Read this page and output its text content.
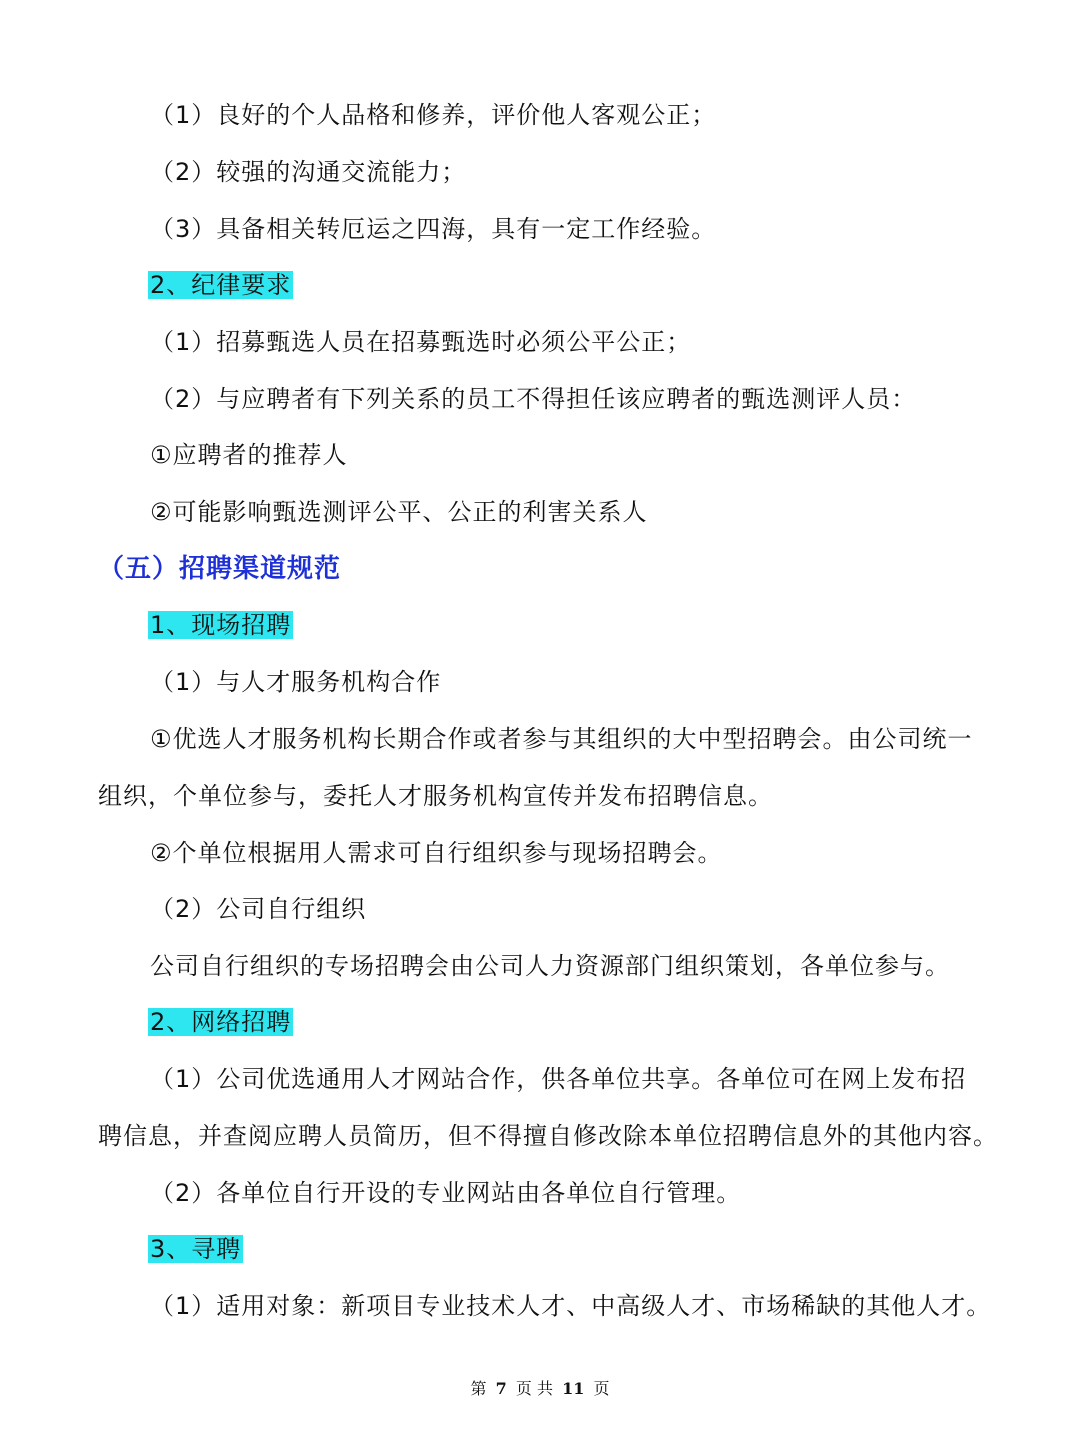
（1）良好的个人品格和修养，评价他人客观公正；
（2）较强的沟通交流能力；
（3）具备相关转厄运之四海，具有一定工作经验。
2、纪律要求
（1）招募甄选人员在招募甄选时必须公平公正；
（2）与应聘者有下列关系的员工不得担任该应聘者的甄选测评人员：
①应聘者的推荐人
②可能影响甄选测评公平、公正的利害关系人
（五）招聘渠道规范
1、现场招聘
（1）与人才服务机构合作
①优选人才服务机构长期合作或者参与其组织的大中型招聘会。由公司统一
组织，个单位参与，委托人才服务机构宣传并发布招聘信息。
②个单位根据用人需求可自行组织参与现场招聘会。
（2）公司自行组织
公司自行组织的专场招聘会由公司人力资源部门组织策划，各单位参与。
2、网络招聘
（1）公司优选通用人才网站合作，供各单位共享。各单位可在网上发布招
聘信息，并查阅应聘人员简历，但不得擅自修改除本单位招聘信息外的其他内容。
（2）各单位自行开设的专业网站由各单位自行管理。
3、寻聘
（1）适用对象：新项目专业技术人才、中高级人才、市场稀缺的其他人才。
第 7 页 共 11 页
